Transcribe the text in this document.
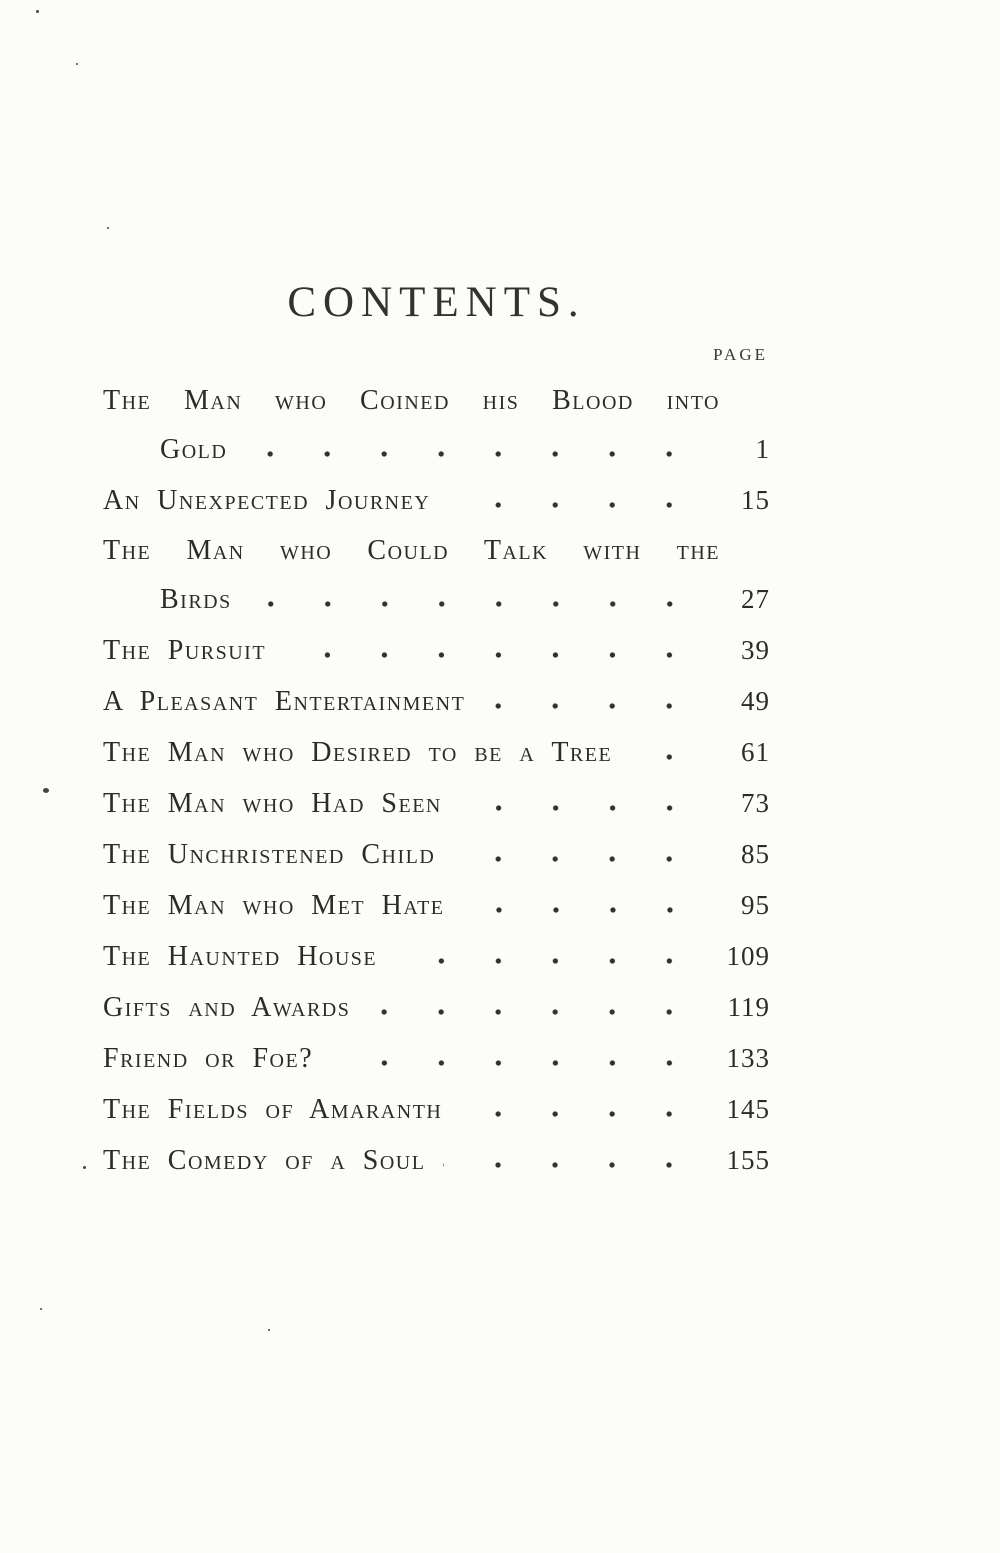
CONTENTS.
PAGE
The Man who Coined his Blood into
Gold	1
An Unexpected Journey	15
The Man who Could Talk with the
Birds	27
The Pursuit	39
A Pleasant Entertainment	49
The Man who Desired to be a Tree	61
The Man who Had Seen	73
The Unchristened Child	85
The Man who Met Hate	95
The Haunted House	109
Gifts and Awards	119
Friend or Foe?	133
The Fields of Amaranth	145
The Comedy of a Soul	155
